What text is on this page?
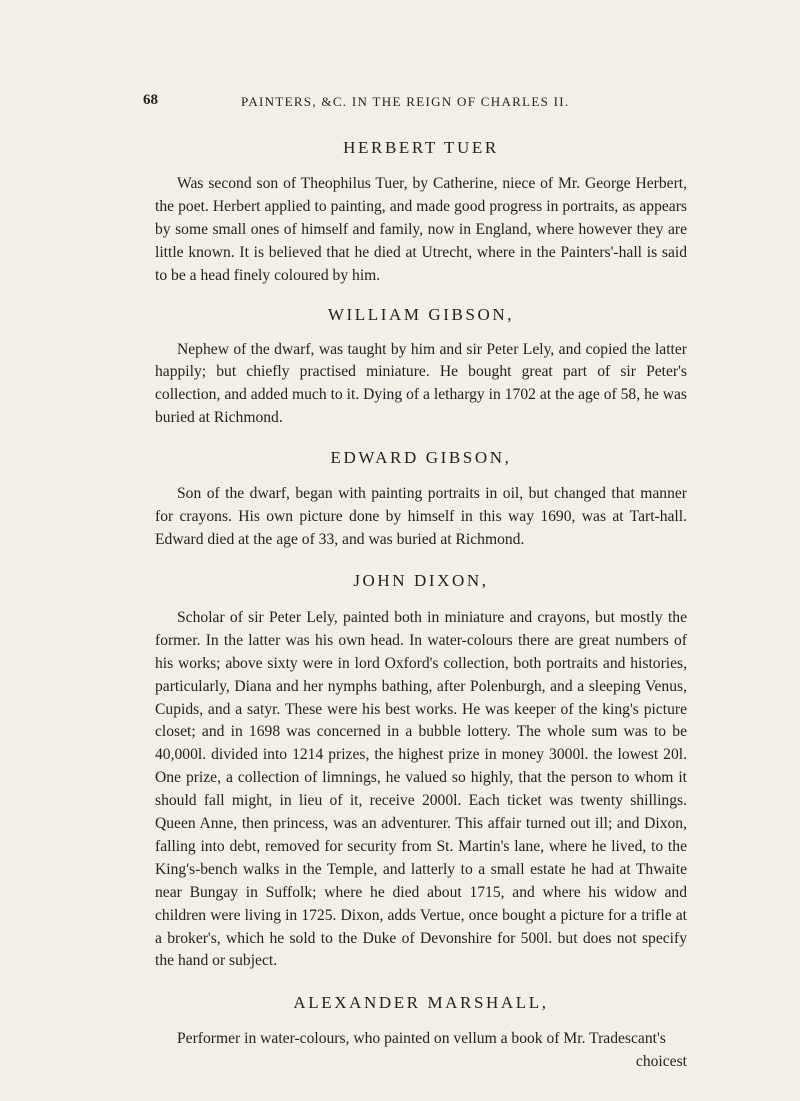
68	PAINTERS, &C. IN THE REIGN OF CHARLES II.
HERBERT TUER

Was second son of Theophilus Tuer, by Catherine, niece of Mr. George Herbert, the poet. Herbert applied to painting, and made good progress in portraits, as appears by some small ones of himself and family, now in England, where however they are little known. It is believed that he died at Utrecht, where in the Painters'-hall is said to be a head finely coloured by him.

WILLIAM GIBSON,

Nephew of the dwarf, was taught by him and sir Peter Lely, and copied the latter happily; but chiefly practised miniature. He bought great part of sir Peter's collection, and added much to it. Dying of a lethargy in 1702 at the age of 58, he was buried at Richmond.

EDWARD GIBSON,

Son of the dwarf, began with painting portraits in oil, but changed that manner for crayons. His own picture done by himself in this way 1690, was at Tart-hall. Edward died at the age of 33, and was buried at Richmond.

JOHN DIXON,

Scholar of sir Peter Lely, painted both in miniature and crayons, but mostly the former. In the latter was his own head. In water-colours there are great numbers of his works; above sixty were in lord Oxford's collection, both portraits and histories, particularly, Diana and her nymphs bathing, after Polenburgh, and a sleeping Venus, Cupids, and a satyr. These were his best works. He was keeper of the king's picture closet; and in 1698 was concerned in a bubble lottery. The whole sum was to be 40,000l. divided into 1214 prizes, the highest prize in money 3000l. the lowest 20l. One prize, a collection of limnings, he valued so highly, that the person to whom it should fall might, in lieu of it, receive 2000l. Each ticket was twenty shillings. Queen Anne, then princess, was an adventurer. This affair turned out ill; and Dixon, falling into debt, removed for security from St. Martin's lane, where he lived, to the King's-bench walks in the Temple, and latterly to a small estate he had at Thwaite near Bungay in Suffolk; where he died about 1715, and where his widow and children were living in 1725. Dixon, adds Vertue, once bought a picture for a trifle at a broker's, which he sold to the Duke of Devonshire for 500l. but does not specify the hand or subject.

ALEXANDER MARSHALL,

Performer in water-colours, who painted on vellum a book of Mr. Tradescant's

choicest
